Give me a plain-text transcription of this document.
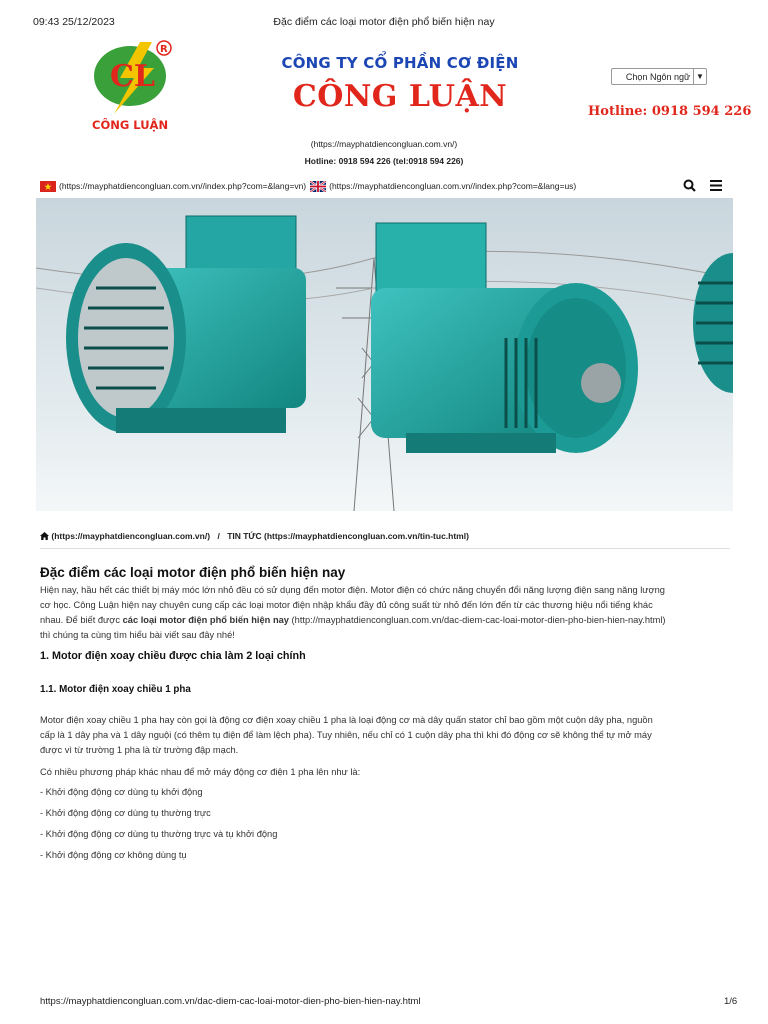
09:43 25/12/2023	Đặc điểm các loại motor điện phổ biến hiện nay
CL
R
CÔNG LUẬN
CÔNG TY CỔ PHẦN CƠ ĐIỆN
CÔNG LUẬN
Chọn Ngôn ngữ ▼
Hotline: 0918 594 226
(https://mayphatdiencongluan.com.vn/)
Hotline: 0918 594 226 (tel:0918 594 226)
(https://mayphatdiencongluan.com.vn//index.php?com=&lang=vn)	(https://mayphatdiencongluan.com.vn//index.php?com=&lang=us)
(https://mayphatdiencongluan.com.vn/) / TIN TỨC (https://mayphatdiencongluan.com.vn/tin-tuc.html)
Đặc điểm các loại motor điện phổ biến hiện nay
Hiện nay, hầu hết các thiết bị máy móc lớn nhỏ đều có sử dụng đến motor điện. Motor điện có chức năng chuyển đổi năng lượng điện sang năng lượng
cơ học. Công Luận hiện nay chuyên cung cấp các loại motor điện nhập khẩu đầy đủ công suất từ nhỏ đến lớn đến từ các thương hiệu nổi tiếng khác
nhau. Để biết được các loại motor điện phổ biến hiện nay (http://mayphatdiencongluan.com.vn/dac-diem-cac-loai-motor-dien-pho-bien-hien-nay.html)
thì chúng ta cùng tìm hiểu bài viết sau đây nhé!
1. Motor điện xoay chiều được chia làm 2 loại chính
1.1. Motor điện xoay chiều 1 pha
Motor điện xoay chiều 1 pha hay còn gọi là động cơ điện xoay chiều 1 pha là loại động cơ mà dây quấn stator chỉ bao gồm một cuộn dây pha, nguồn
cấp là 1 dây pha và 1 dây nguội (có thêm tụ điện để làm lệch pha). Tuy nhiên, nếu chỉ có 1 cuộn dây pha thì khi đó động cơ sẽ không thể tự mở máy
được vì từ trường 1 pha là từ trường đập mạch.
Có nhiều phương pháp khác nhau để mở máy động cơ điện 1 pha lên như là:
- Khởi động động cơ dùng tụ khởi động
- Khởi động động cơ dùng tụ thường trực
- Khởi động động cơ dùng tụ thường trực và tụ khởi động
- Khởi động động cơ không dùng tụ
https://mayphatdiencongluan.com.vn/dac-diem-cac-loai-motor-dien-pho-bien-hien-nay.html	1/6
